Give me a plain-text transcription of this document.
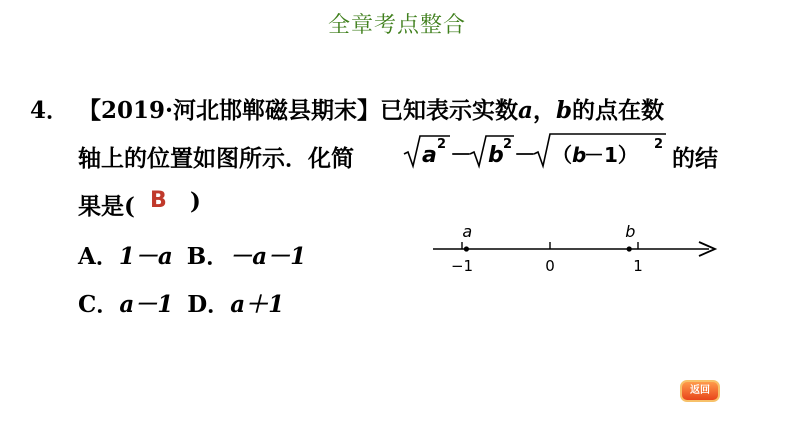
全章考点整合
4． 【2019·河北邯郸磁县期末】已知表示实数a，b的点在数
轴上的位置如图所示．化简	a 2 － b 2 － （ b
－1） 2
的结
果是( B )
A．1－a B．－a－1
C．a－1 D．a＋1
−1	0	1
a	b
返回
